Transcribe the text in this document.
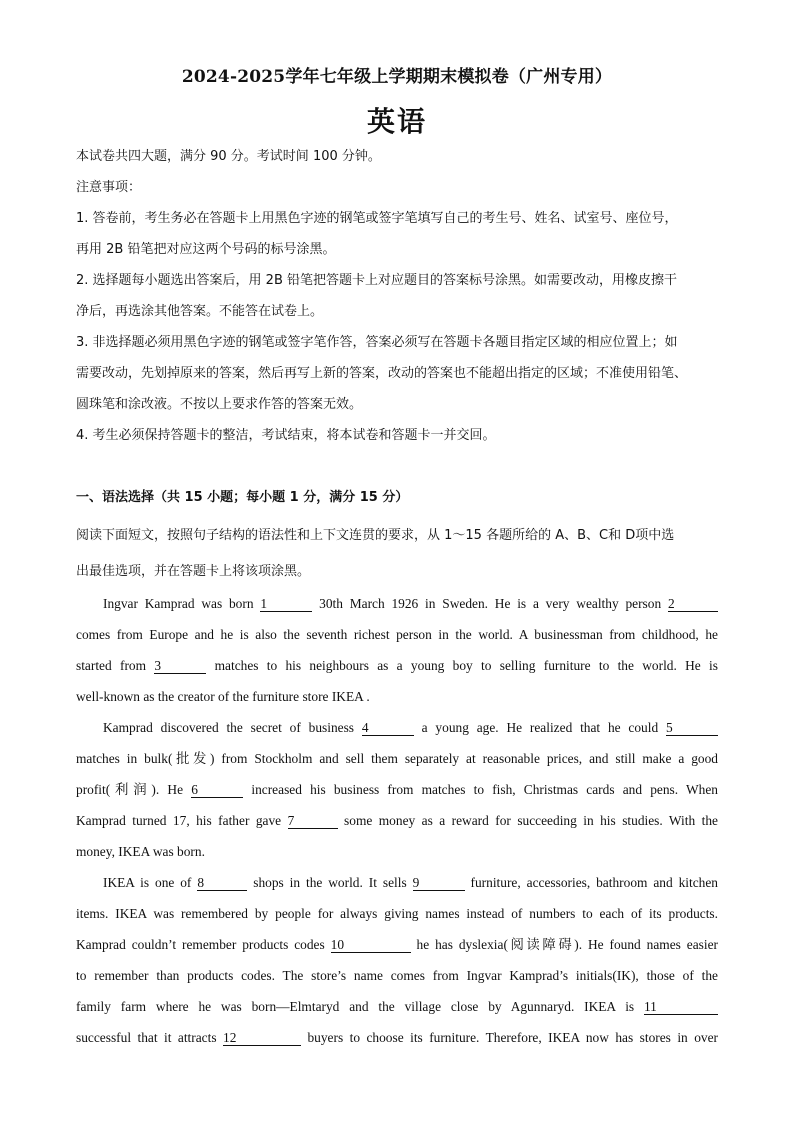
2024-2025学年七年级上学期期末模拟卷（广州专用）
英语
本试卷共四大题，满分 90 分。考试时间 100 分钟。
注意事项：
1. 答卷前，考生务必在答题卡上用黑色字迹的钢笔或签字笔填写自己的考生号、姓名、试室号、座位号，
再用 2B 铅笔把对应这两个号码的标号涂黑。
2. 选择题每小题选出答案后，用 2B 铅笔把答题卡上对应题目的答案标号涂黑。如需要改动，用橡皮擦干
净后，再选涂其他答案。不能答在试卷上。
3. 非选择题必须用黑色字迹的钢笔或签字笔作答，答案必须写在答题卡各题目指定区域的相应位置上；如
需要改动，先划掉原来的答案，然后再写上新的答案，改动的答案也不能超出指定的区域；不准使用铅笔、
圆珠笔和涂改液。不按以上要求作答的答案无效。
4. 考生必须保持答题卡的整洁，考试结束，将本试卷和答题卡一并交回。
一、语法选择（共 15 小题；每小题 1 分，满分 15 分）
阅读下面短文，按照句子结构的语法性和上下文连贯的要求，从 1～15 各题所给的 A、B、C和 D项中选
出最佳选项，并在答题卡上将该项涂黑。
Ingvar Kamprad was born 1	30th March 1926 in Sweden. He is a very wealthy person 2
comes from Europe and he is also the seventh richest person in the world. A businessman from childhood, he
started from 3	matches to his neighbours as a young boy to selling furniture to the world. He is
well-known as the creator of the furniture store IKEA .
Kamprad discovered the secret of business 4	a young age. He realized that he could 5
matches in bulk(批发) from Stockholm and sell them separately at reasonable prices, and still make a good
profit(利润). He 6	increased his business from matches to fish, Christmas cards and pens. When
Kamprad turned 17, his father gave 7	some money as a reward for succeeding in his studies. With the
money, IKEA was born.
IKEA is one of 8	shops in the world. It sells 9	furniture, accessories, bathroom and kitchen
items. IKEA was remembered by people for always giving names instead of numbers to each of its products.
Kamprad couldn’t remember products codes 10	he has dyslexia(阅读障碍). He found names easier
to remember than products codes. The store’s name comes from Ingvar Kamprad’s initials(IK), those of the
family farm where he was born—Elmtaryd and the village close by Agunnaryd. IKEA is 11
successful that it attracts 12	buyers to choose its furniture. Therefore, IKEA now has stores in over
